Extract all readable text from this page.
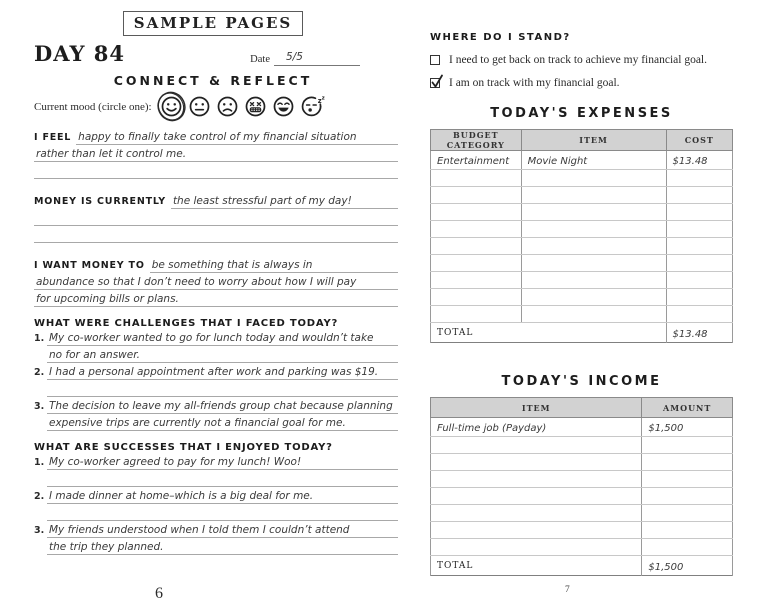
SAMPLE PAGES
DAY 84	Date	5/5
CONNECT & REFLECT
Current mood (circle one):	z z
I FEEL happy to finally take control of my financial situation
rather than let it control me.
MONEY IS CURRENTLY the least stressful part of my day!
I WANT MONEY TO be something that is always in
abundance so that I don’t need to worry about how I will pay
for upcoming bills or plans.
WHAT WERE CHALLENGES THAT I FACED TODAY?
1. My co-worker wanted to go for lunch today and wouldn’t take
no for an answer.
2. I had a personal appointment after work and parking was $19.
3. The decision to leave my all-friends group chat because planning
expensive trips are currently not a financial goal for me.
WHAT ARE SUCCESSES THAT I ENJOYED TODAY?
1. My co-worker agreed to pay for my lunch! Woo!
2. I made dinner at home–which is a big deal for me.
3. My friends understood when I told them I couldn’t attend
the trip they planned.
6
WHERE DO I STAND?
I need to get back on track to achieve my financial goal.
I am on track with my financial goal.
TODAY'S EXPENSES
BUDGET CATEGORY	ITEM	COST
Entertainment	Movie Night	$13.48

TOTAL		$13.48
TODAY'S INCOME
ITEM	AMOUNT
Full-time job (Payday)	$1,500

TOTAL	$1,500
7
